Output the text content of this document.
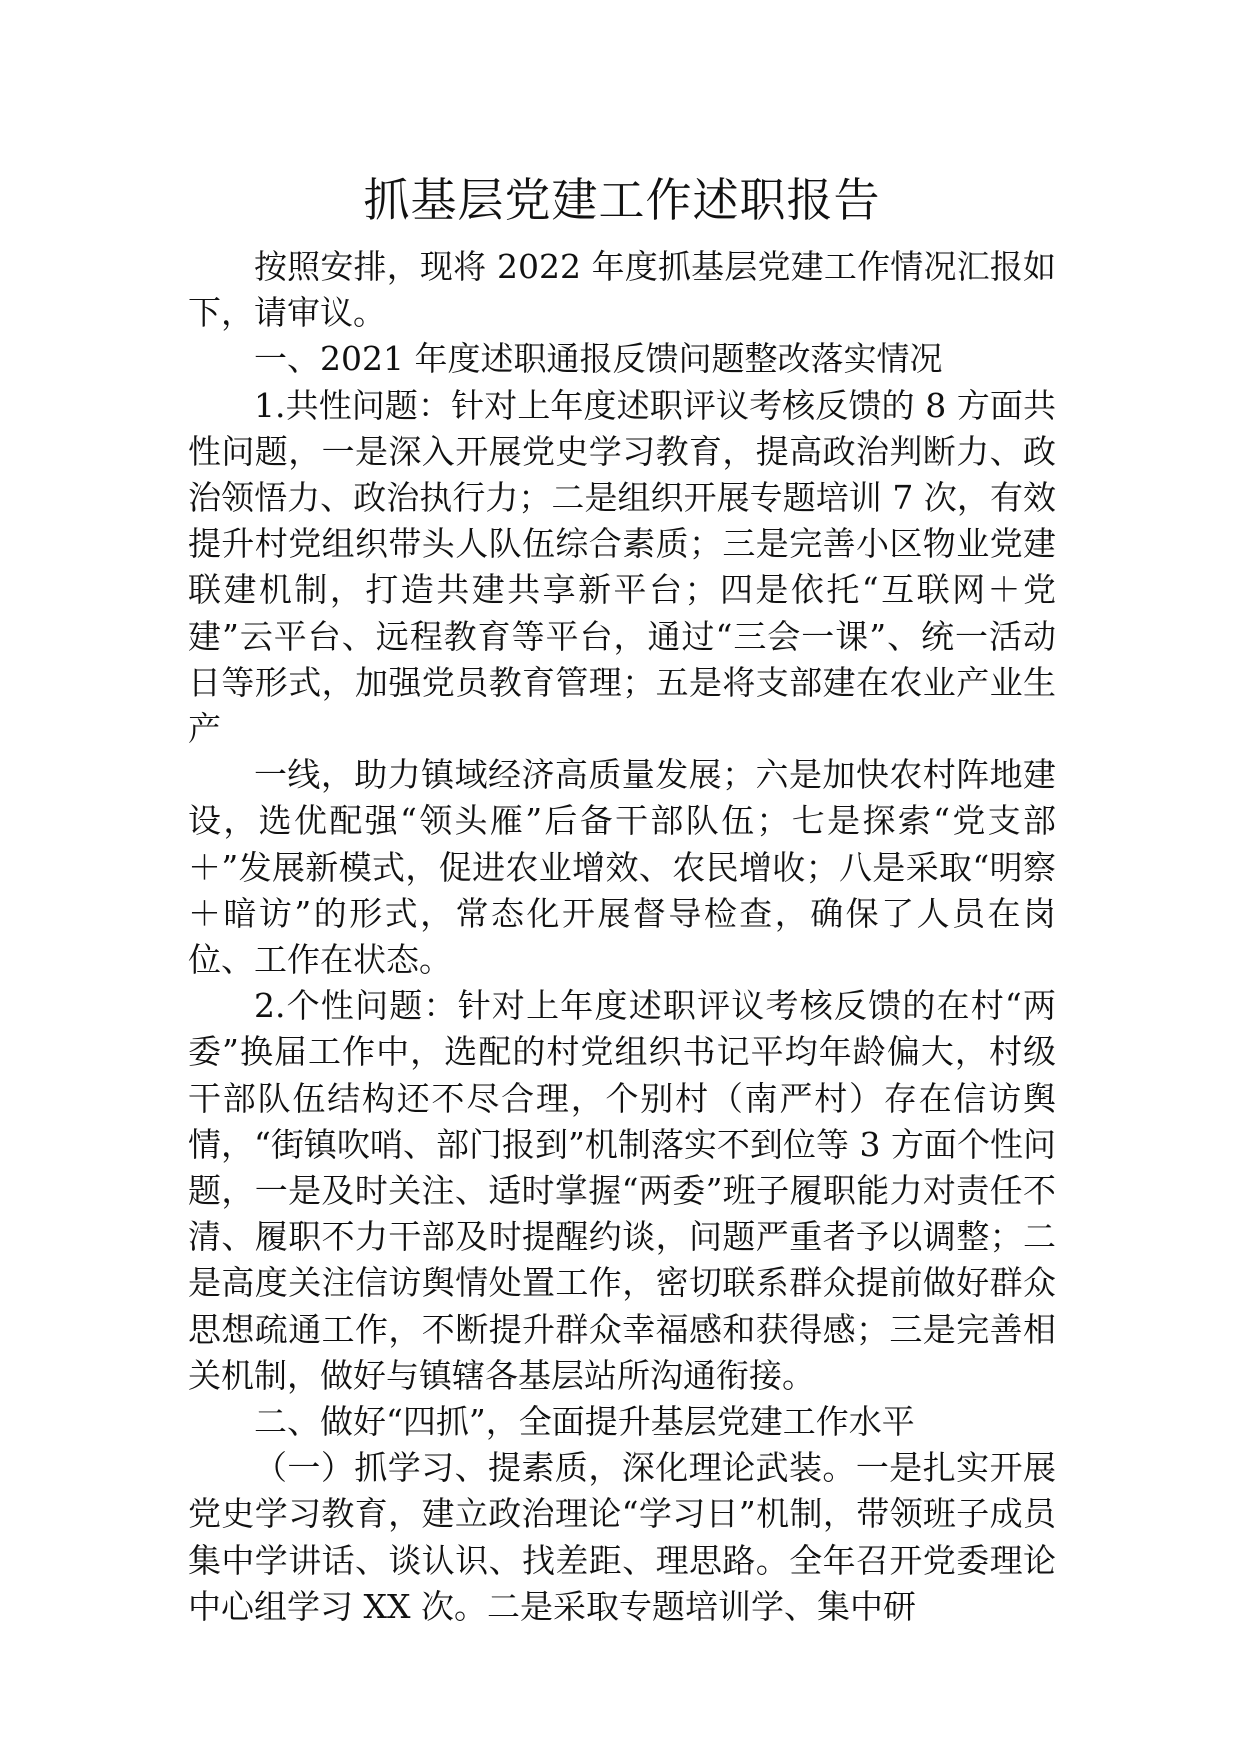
抓基层党建工作述职报告

按照安排，现将 2022 年度抓基层党建工作情况汇报如下，请审议。

一、2021 年度述职通报反馈问题整改落实情况

1.共性问题：针对上年度述职评议考核反馈的 8 方面共性问题，一是深入开展党史学习教育，提高政治判断力、政治领悟力、政治执行力；二是组织开展专题培训 7 次，有效提升村党组织带头人队伍综合素质；三是完善小区物业党建联建机制，打造共建共享新平台；四是依托“互联网＋党建”云平台、远程教育等平台，通过“三会一课”、统一活动日等形式，加强党员教育管理；五是将支部建在农业产业生产

一线，助力镇域经济高质量发展；六是加快农村阵地建设，选优配强“领头雁”后备干部队伍；七是探索“党支部＋”发展新模式，促进农业增效、农民增收；八是采取“明察＋暗访”的形式，常态化开展督导检查，确保了人员在岗位、工作在状态。

2.个性问题：针对上年度述职评议考核反馈的在村“两委”换届工作中，选配的村党组织书记平均年龄偏大，村级干部队伍结构还不尽合理，个别村（南严村）存在信访舆情，“街镇吹哨、部门报到”机制落实不到位等 3 方面个性问题，一是及时关注、适时掌握“两委”班子履职能力对责任不清、履职不力干部及时提醒约谈，问题严重者予以调整；二是高度关注信访舆情处置工作，密切联系群众提前做好群众思想疏通工作，不断提升群众幸福感和获得感；三是完善相关机制，做好与镇辖各基层站所沟通衔接。

二、做好“四抓”，全面提升基层党建工作水平

（一）抓学习、提素质，深化理论武装。一是扎实开展党史学习教育，建立政治理论“学习日”机制，带领班子成员集中学讲话、谈认识、找差距、理思路。全年召开党委理论中心组学习 XX 次。二是采取专题培训学、集中研
